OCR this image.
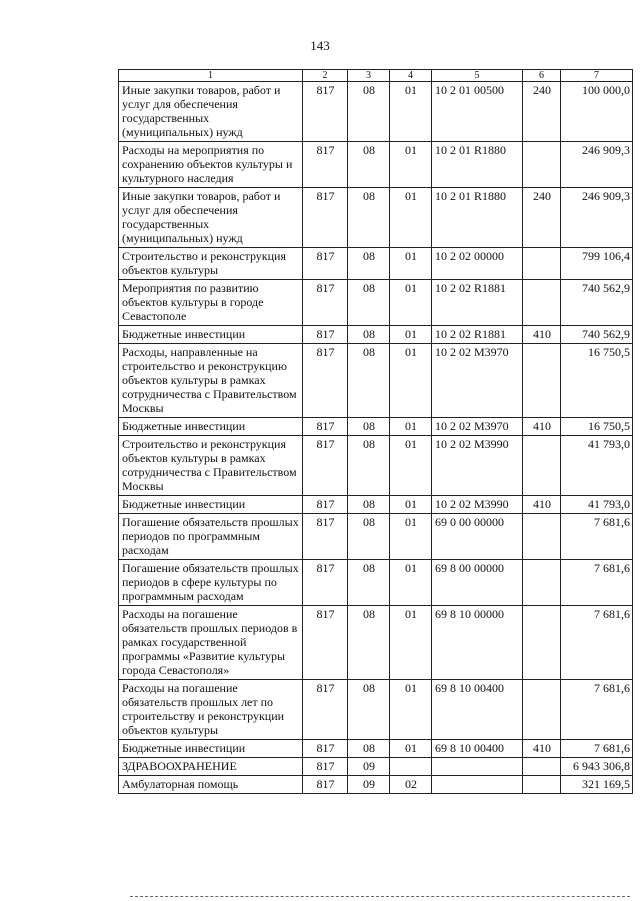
143
1	2	3	4	5	6	7
Иные закупки товаров, работ и услуг для обеспечения государственных (муниципальных) нужд	817	08	01	10 2 01 00500	240	100 000,0
Расходы на мероприятия по сохранению объектов культуры и культурного наследия	817	08	01	10 2 01 R1880		246 909,3
Иные закупки товаров, работ и услуг для обеспечения государственных (муниципальных) нужд	817	08	01	10 2 01 R1880	240	246 909,3
Строительство и реконструкция объектов культуры	817	08	01	10 2 02 00000		799 106,4
Мероприятия по развитию объектов культуры в городе Севастополе	817	08	01	10 2 02 R1881		740 562,9
Бюджетные инвестиции	817	08	01	10 2 02 R1881	410	740 562,9
Расходы, направленные на строительство и реконструкцию объектов культуры в рамках сотрудничества с Правительством Москвы	817	08	01	10 2 02 M3970		16 750,5
Бюджетные инвестиции	817	08	01	10 2 02 M3970	410	16 750,5
Строительство и реконструкция объектов культуры в рамках сотрудничества с Правительством Москвы	817	08	01	10 2 02 M3990		41 793,0
Бюджетные инвестиции	817	08	01	10 2 02 M3990	410	41 793,0
Погашение обязательств прошлых периодов по программным расходам	817	08	01	69 0 00 00000		7 681,6
Погашение обязательств прошлых периодов в сфере культуры по программным расходам	817	08	01	69 8 00 00000		7 681,6
Расходы на погашение обязательств прошлых периодов в рамках государственной программы «Развитие культуры города Севастополя»	817	08	01	69 8 10 00000		7 681,6
Расходы на погашение обязательств прошлых лет по строительству и реконструкции объектов культуры	817	08	01	69 8 10 00400		7 681,6
Бюджетные инвестиции	817	08	01	69 8 10 00400	410	7 681,6
ЗДРАВООХРАНЕНИЕ	817	09				6 943 306,8
Амбулаторная помощь	817	09	02			321 169,5
